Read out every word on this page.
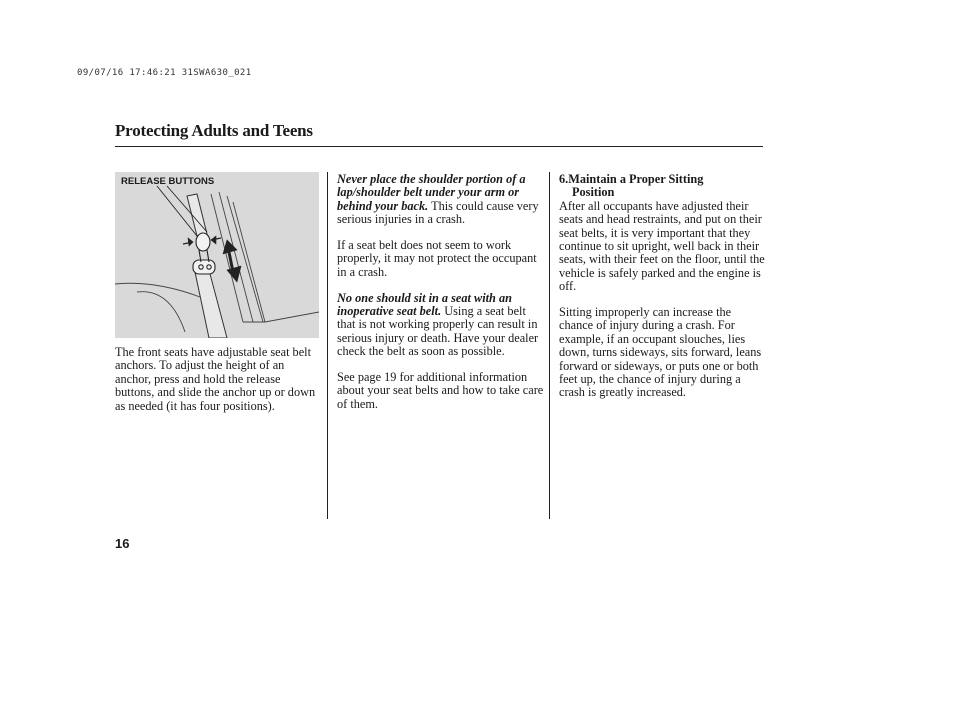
09/07/16 17:46:21 31SWA630_021
Protecting Adults and Teens
RELEASE BUTTONS

The front seats have adjustable seat belt anchors. To adjust the height of an anchor, press and hold the release buttons, and slide the anchor up or down as needed (it has four positions).

Never place the shoulder portion of a lap/shoulder belt under your arm or behind your back. This could cause very serious injuries in a crash.

If a seat belt does not seem to work properly, it may not protect the occupant in a crash.

No one should sit in a seat with an inoperative seat belt. Using a seat belt that is not working properly can result in serious injury or death. Have your dealer check the belt as soon as possible.

See page 19 for additional information about your seat belts and how to take care of them.

6.Maintain a Proper Sitting
Position

After all occupants have adjusted their seats and head restraints, and put on their seat belts, it is very important that they continue to sit upright, well back in their seats, with their feet on the floor, until the vehicle is safely parked and the engine is off.

Sitting improperly can increase the chance of injury during a crash. For example, if an occupant slouches, lies down, turns sideways, sits forward, leans forward or sideways, or puts one or both feet up, the chance of injury during a crash is greatly increased.

16
